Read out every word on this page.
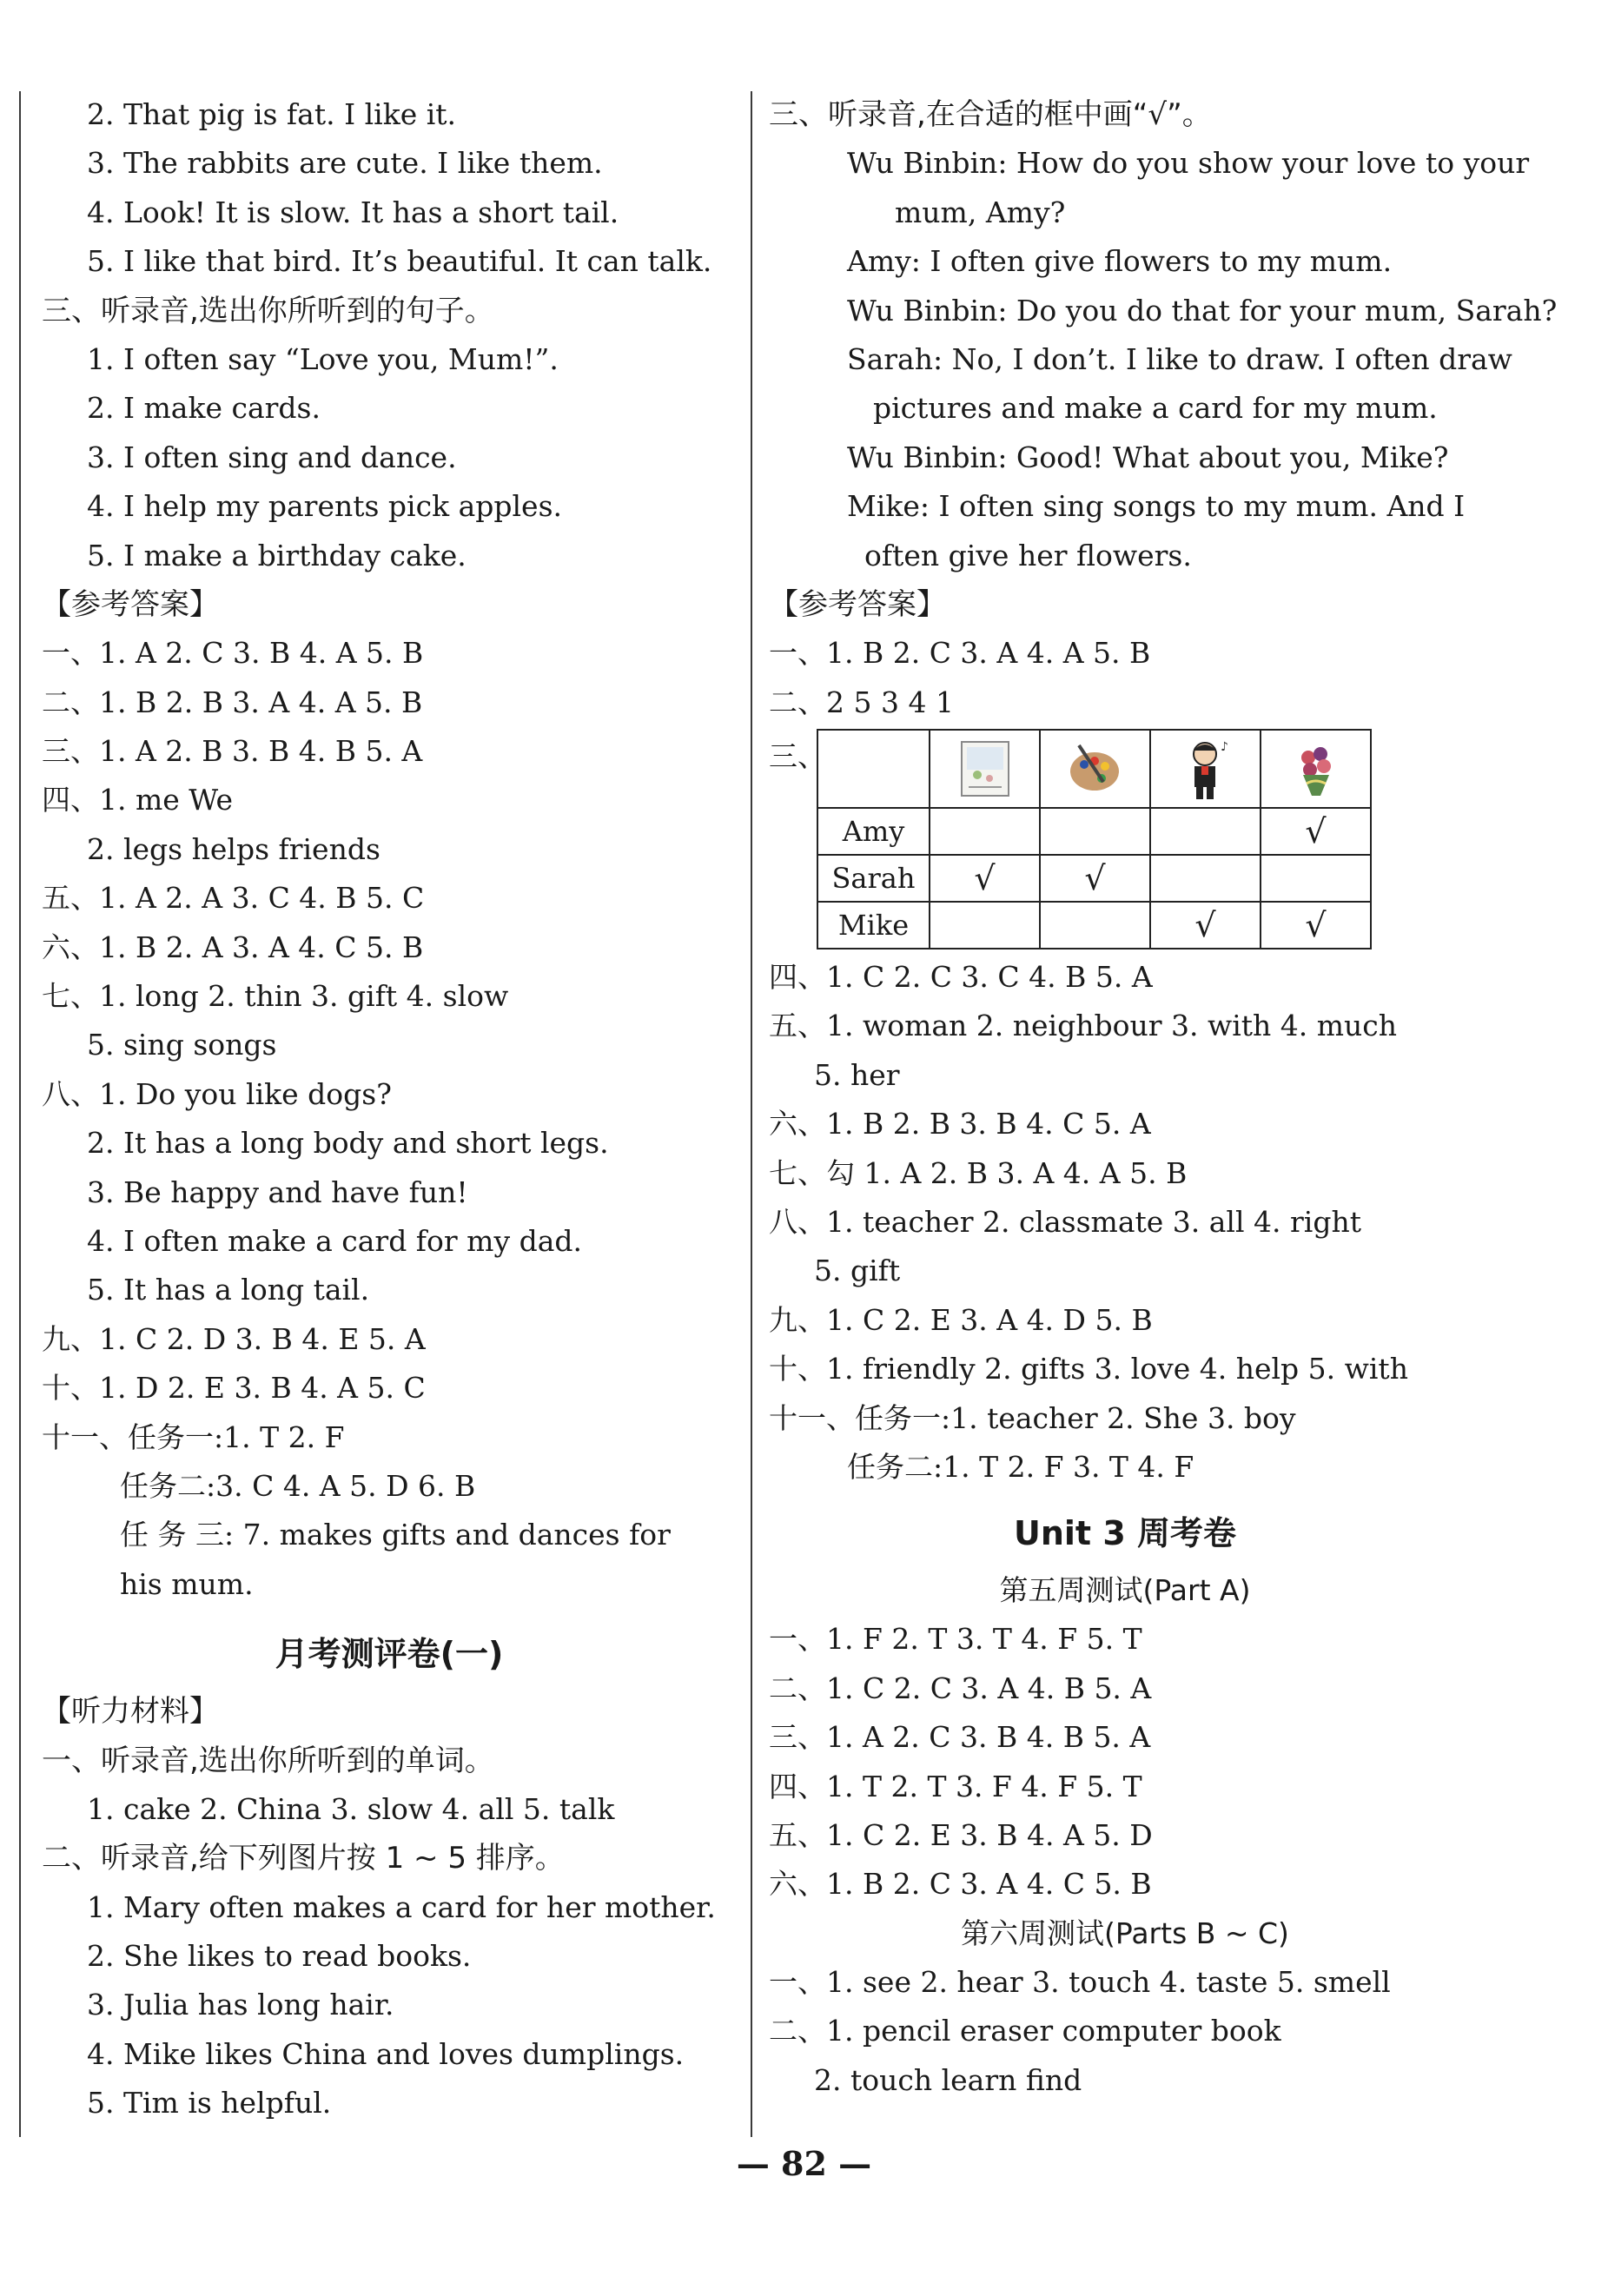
2. That pig is fat. I like it.
3. The rabbits are cute. I like them.
4. Look! It is slow. It has a short tail.
5. I like that bird. It’s beautiful. It can talk.
三、听录音,选出你所听到的句子。
1. I often say “Love you, Mum!”.
2. I make cards.
3. I often sing and dance.
4. I help my parents pick apples.
5. I make a birthday cake.
【参考答案】
一、1. A 2. C 3. B 4. A 5. B
二、1. B 2. B 3. A 4. A 5. B
三、1. A 2. B 3. B 4. B 5. A
四、1. me We
2. legs helps friends
五、1. A 2. A 3. C 4. B 5. C
六、1. B 2. A 3. A 4. C 5. B
七、1. long 2. thin 3. gift 4. slow
5. sing songs
八、1. Do you like dogs?
2. It has a long body and short legs.
3. Be happy and have fun!
4. I often make a card for my dad.
5. It has a long tail.
九、1. C 2. D 3. B 4. E 5. A
十、1. D 2. E 3. B 4. A 5. C
十一、任务一:1. T 2. F
任务二:3. C 4. A 5. D 6. B
任 务 三: 7. makes gifts and dances for
his mum.
月考测评卷(一)
【听力材料】
一、听录音,选出你所听到的单词。
1. cake 2. China 3. slow 4. all 5. talk
二、听录音,给下列图片按 1 ~ 5 排序。
1. Mary often makes a card for her mother.
2. She likes to read books.
3. Julia has long hair.
4. Mike likes China and loves dumplings.
5. Tim is helpful.
三、听录音,在合适的框中画“√”。
Wu Binbin: How do you show your love to your
mum, Amy?
Amy: I often give flowers to my mum.
Wu Binbin: Do you do that for your mum, Sarah?
Sarah: No, I don’t. I like to draw. I often draw
pictures and make a card for my mum.
Wu Binbin: Good! What about you, Mike?
Mike: I often sing songs to my mum. And I
often give her flowers.
【参考答案】
一、1. B 2. C 3. A 4. A 5. B
二、2 5 3 4 1
三、
				♪

Amy				√
Sarah	√	√		
Mike			√	√
四、1. C 2. C 3. C 4. B 5. A
五、1. woman 2. neighbour 3. with 4. much
5. her
六、1. B 2. B 3. B 4. C 5. A
七、勾 1. A 2. B 3. A 4. A 5. B
八、1. teacher 2. classmate 3. all 4. right
5. gift
九、1. C 2. E 3. A 4. D 5. B
十、1. friendly 2. gifts 3. love 4. help 5. with
十一、任务一:1. teacher 2. She 3. boy
任务二:1. T 2. F 3. T 4. F
Unit 3 周考卷
第五周测试(Part A)
一、1. F 2. T 3. T 4. F 5. T
二、1. C 2. C 3. A 4. B 5. A
三、1. A 2. C 3. B 4. B 5. A
四、1. T 2. T 3. F 4. F 5. T
五、1. C 2. E 3. B 4. A 5. D
六、1. B 2. C 3. A 4. C 5. B
第六周测试(Parts B ~ C)
一、1. see 2. hear 3. touch 4. taste 5. smell
二、1. pencil eraser computer book
2. touch learn find
— 82 —
